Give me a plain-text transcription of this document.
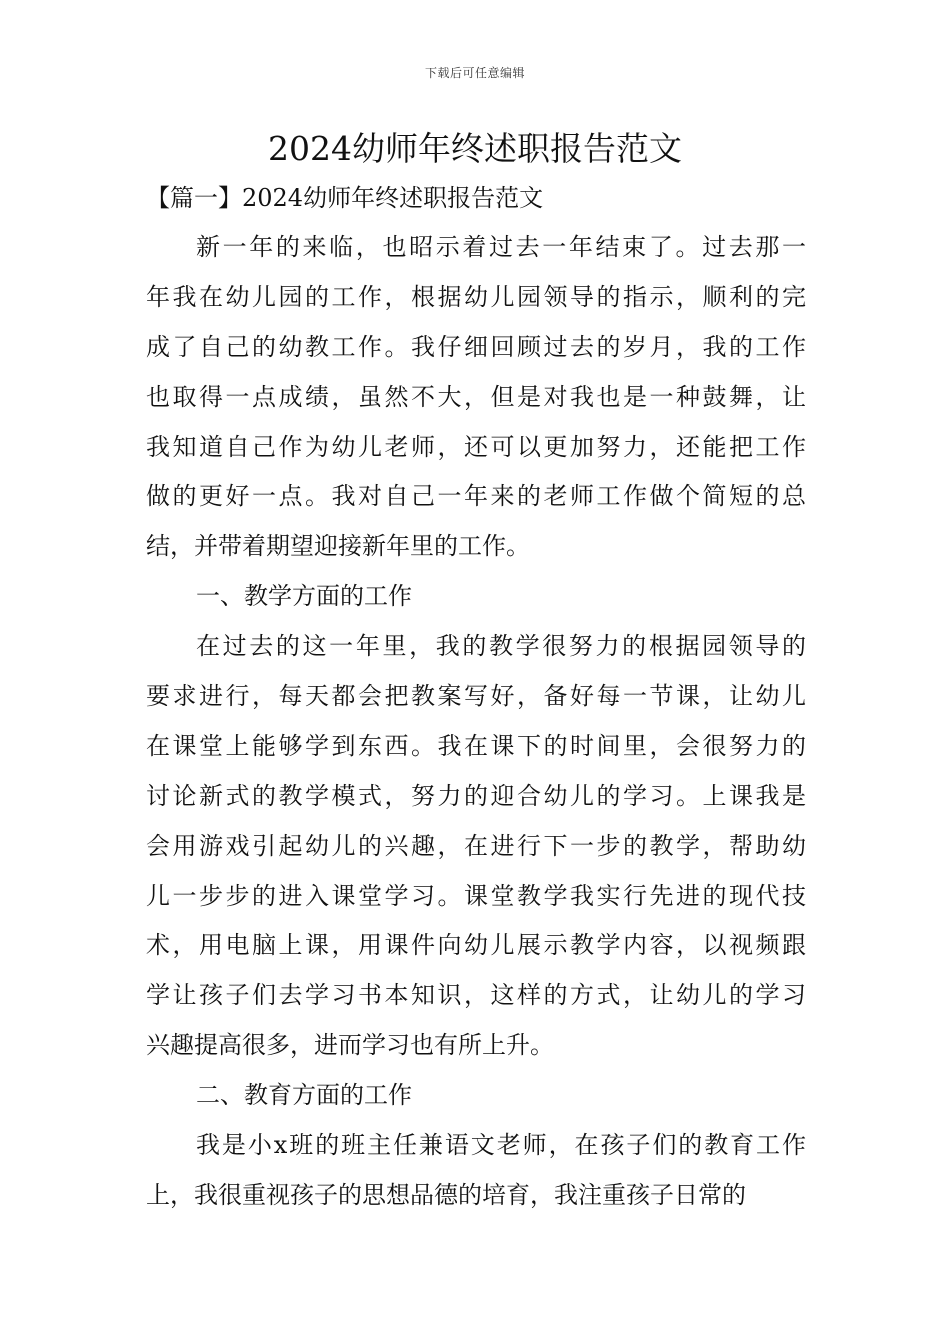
下载后可任意编辑
2024幼师年终述职报告范文
【篇一】2024幼师年终述职报告范文
新一年的来临，也昭示着过去一年结束了。过去那一
年我在幼儿园的工作，根据幼儿园领导的指示，顺利的完
成了自己的幼教工作。我仔细回顾过去的岁月，我的工作
也取得一点成绩，虽然不大，但是对我也是一种鼓舞，让
我知道自己作为幼儿老师，还可以更加努力，还能把工作
做的更好一点。我对自己一年来的老师工作做个简短的总
结，并带着期望迎接新年里的工作。
一、教学方面的工作
在过去的这一年里，我的教学很努力的根据园领导的
要求进行，每天都会把教案写好，备好每一节课，让幼儿
在课堂上能够学到东西。我在课下的时间里，会很努力的
讨论新式的教学模式，努力的迎合幼儿的学习。上课我是
会用游戏引起幼儿的兴趣，在进行下一步的教学，帮助幼
儿一步步的进入课堂学习。课堂教学我实行先进的现代技
术，用电脑上课，用课件向幼儿展示教学内容，以视频跟
学让孩子们去学习书本知识，这样的方式，让幼儿的学习
兴趣提高很多，进而学习也有所上升。
二、教育方面的工作
我是小x班的班主任兼语文老师，在孩子们的教育工作
上，我很重视孩子的思想品德的培育，我注重孩子日常的
